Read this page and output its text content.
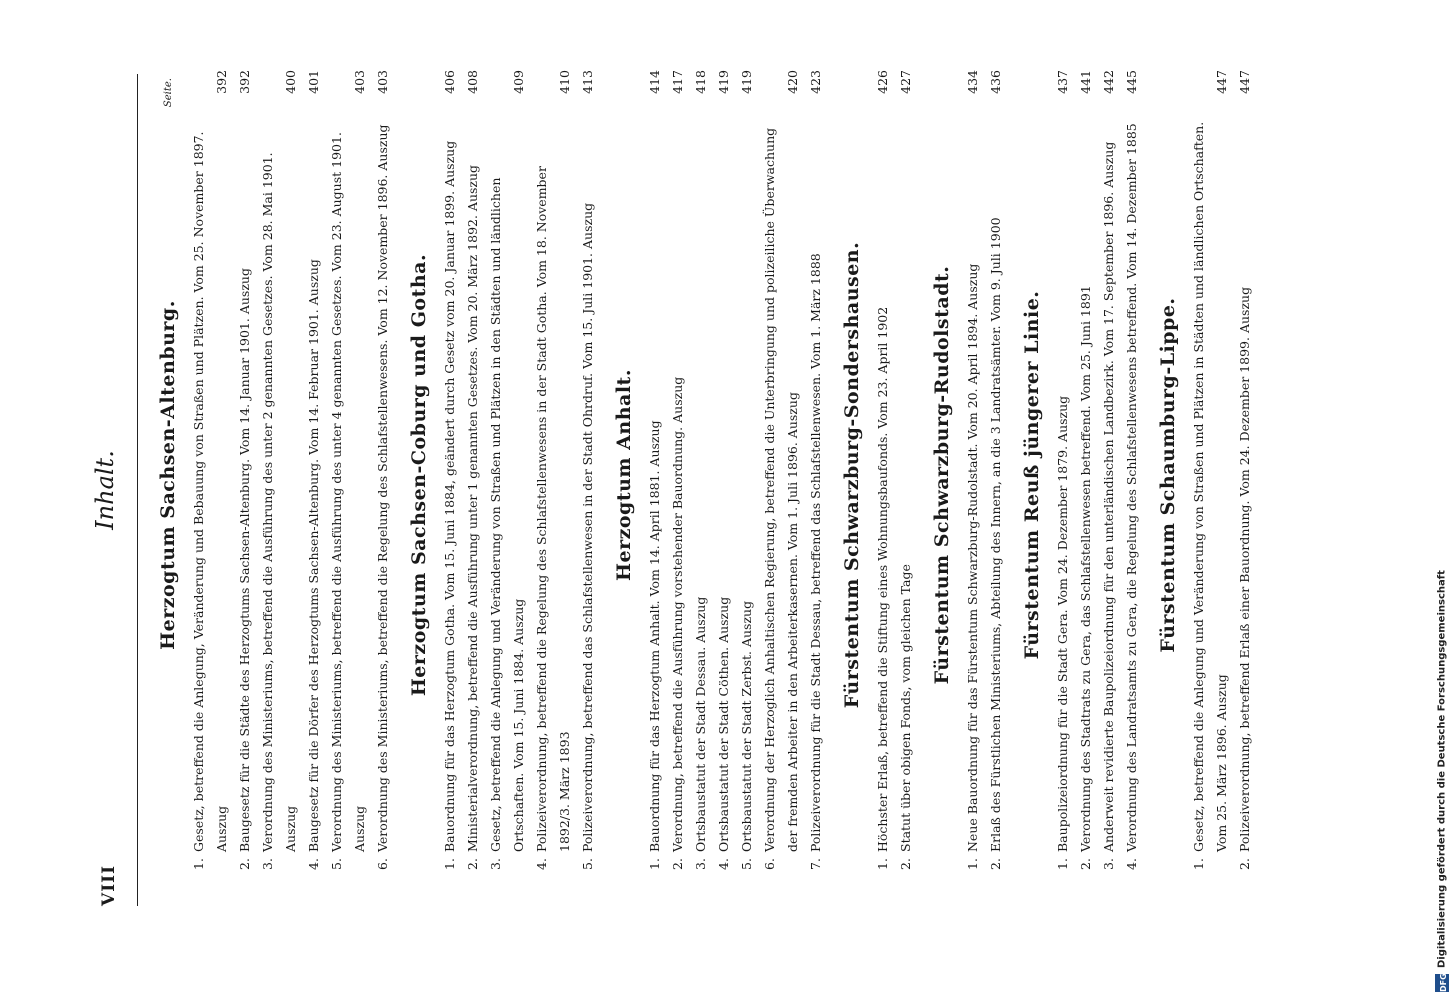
VIII
Inhalt.
Seite.
Herzogtum Sachsen-Altenburg.
1.
Gesetz, betreffend die Anlegung, Veränderung und Bebauung von Straßen und Plätzen. Vom 25. November 1897. Auszug
392
2.
Baugesetz für die Städte des Herzogtums Sachsen-Altenburg. Vom 14. Januar 1901. Auszug
392
3.
Verordnung des Ministeriums, betreffend die Ausführung des unter 2 genannten Gesetzes. Vom 28. Mai 1901. Auszug
400
4.
Baugesetz für die Dörfer des Herzogtums Sachsen-Altenburg. Vom 14. Februar 1901. Auszug
401
5.
Verordnung des Ministeriums, betreffend die Ausführung des unter 4 genannten Gesetzes. Vom 23. August 1901. Auszug
403
6.
Verordnung des Ministeriums, betreffend die Regelung des Schlafstellenwesens. Vom 12. November 1896. Auszug
403
Herzogtum Sachsen-Coburg und Gotha.
1.
Bauordnung für das Herzogtum Gotha. Vom 15. Juni 1884, geändert durch Gesetz vom 20. Januar 1899. Auszug
406
2.
Ministerialverordnung, betreffend die Ausführung unter 1 genannten Gesetzes. Vom 20. März 1892. Auszug
408
3.
Gesetz, betreffend die Anlegung und Veränderung von Straßen und Plätzen in den Städten und ländlichen Ortschaften. Vom 15. Juni 1884. Auszug
409
4.
Polizeiverordnung, betreffend die Regelung des Schlafstellenwesens in der Stadt Gotha. Vom 18. November 1892/3. März 1893
410
5.
Polizeiverordnung, betreffend das Schlafstellenwesen in der Stadt Ohrdruf. Vom 15. Juli 1901. Auszug
413
Herzogtum Anhalt.
1.
Bauordnung für das Herzogtum Anhalt. Vom 14. April 1881. Auszug
414
2.
Verordnung, betreffend die Ausführung vorstehender Bauordnung. Auszug
417
3.
Ortsbaustatut der Stadt Dessau. Auszug
418
4.
Ortsbaustatut der Stadt Cöthen. Auszug
419
5.
Ortsbaustatut der Stadt Zerbst. Auszug
419
6.
Verordnung der Herzoglich Anhaltischen Regierung, betreffend die Unterbringung und polizeiliche Überwachung der fremden Arbeiter in den Arbeiterkasernen. Vom 1. Juli 1896. Auszug
420
7.
Polizeiverordnung für die Stadt Dessau, betreffend das Schlafstellenwesen. Vom 1. März 1888
423
Fürstentum Schwarzburg-Sondershausen.
1.
Höchster Erlaß, betreffend die Stiftung eines Wohnungsbaufonds. Vom 23. April 1902
426
2.
Statut über obigen Fonds, vom gleichen Tage
427
Fürstentum Schwarzburg-Rudolstadt.
1.
Neue Bauordnung für das Fürstentum Schwarzburg-Rudolstadt. Vom 20. April 1894. Auszug
434
2.
Erlaß des Fürstlichen Ministeriums, Abteilung des Innern, an die 3 Landratsämter. Vom 9. Juli 1900
436
Fürstentum Reuß jüngerer Linie.
1.
Baupolizeiordnung für die Stadt Gera. Vom 24. Dezember 1879. Auszug
437
2.
Verordnung des Stadtrats zu Gera, das Schlafstellenwesen betreffend. Vom 25. Juni 1891
441
3.
Anderweit revidierte Baupolizeiordnung für den unterländischen Landbezirk. Vom 17. September 1896. Auszug
442
4.
Verordnung des Landratsamts zu Gera, die Regelung des Schlafstellenwesens betreffend. Vom 14. Dezember 1885
445
Fürstentum Schaumburg-Lippe.
1.
Gesetz, betreffend die Anlegung und Veränderung von Straßen und Plätzen in Städten und ländlichen Ortschaften. Vom 25. März 1896. Auszug
447
2.
Polizeiverordnung, betreffend Erlaß einer Bauordnung. Vom 24. Dezember 1899. Auszug
447
DFG
Digitalisierung gefördert durch die Deutsche Forschungsgemeinschaft
